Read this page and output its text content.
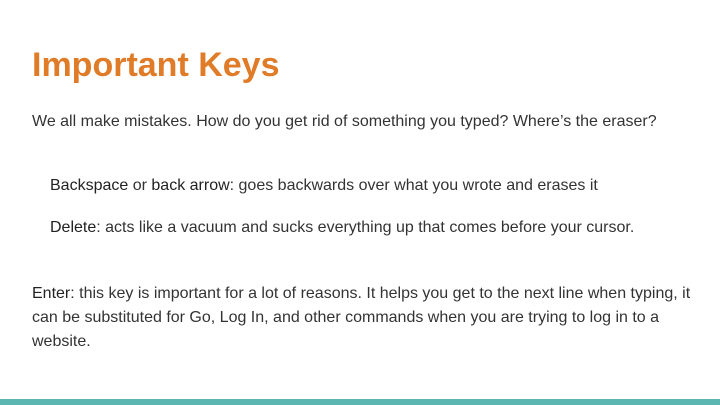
Important Keys

We all make mistakes. How do you get rid of something you typed? Where’s the eraser?

Backspace or back arrow: goes backwards over what you wrote and erases it

Delete: acts like a vacuum and sucks everything up that comes before your cursor.

Enter: this key is important for a lot of reasons. It helps you get to the next line when typing, it can be substituted for Go, Log In, and other commands when you are trying to log in to a website.
